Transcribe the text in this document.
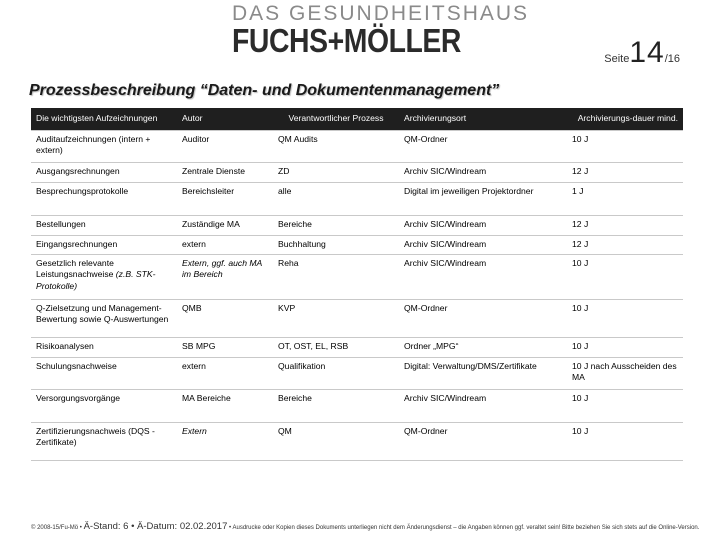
DAS GESUNDHEITSHAUS
FUCHS+MÖLLER	Seite14/16
Prozessbeschreibung “Daten- und Dokumentenmanagement”
Die wichtigsten Aufzeichnungen	Autor	Verantwortlicher Prozess	Archivierungsort	Archivierungs-dauer mind.
Auditaufzeichnungen (intern + extern)	Auditor	QM Audits	QM-Ordner	10 J
Ausgangsrechnungen	Zentrale Dienste	ZD	Archiv SIC/Windream	12 J
Besprechungsprotokolle	Bereichsleiter	alle	Digital im jeweiligen Projektordner	1 J
Bestellungen	Zuständige MA	Bereiche	Archiv SIC/Windream	12 J
Eingangsrechnungen	extern	Buchhaltung	Archiv SIC/Windream	12 J
Gesetzlich relevante Leistungsnachweise (z.B. STK-Protokolle)	Extern, ggf. auch MA im Bereich	Reha	Archiv SIC/Windream	10 J
Q-Zielsetzung und Management-Bewertung sowie Q-Auswertungen	QMB	KVP	QM-Ordner	10 J
Risikoanalysen	SB MPG	OT, OST, EL, RSB	Ordner „MPG“	10 J
Schulungsnachweise	extern	Qualifikation	Digital: Verwaltung/DMS/Zertifikate	10 J nach Ausscheiden des MA
Versorgungsvorgänge	MA Bereiche	Bereiche	Archiv SIC/Windream	10 J
Zertifizierungsnachweis (DQS -Zertifikate)	Extern	QM	QM-Ordner	10 J
© 2008-15/Fu-Mö • Ä-Stand: 6 • Ä-Datum: 02.02.2017 • Ausdrucke oder Kopien dieses Dokuments unterliegen nicht dem Änderungsdienst – die Angaben können ggf. veraltet sein! Bitte beziehen Sie sich stets auf die Online-Version.
